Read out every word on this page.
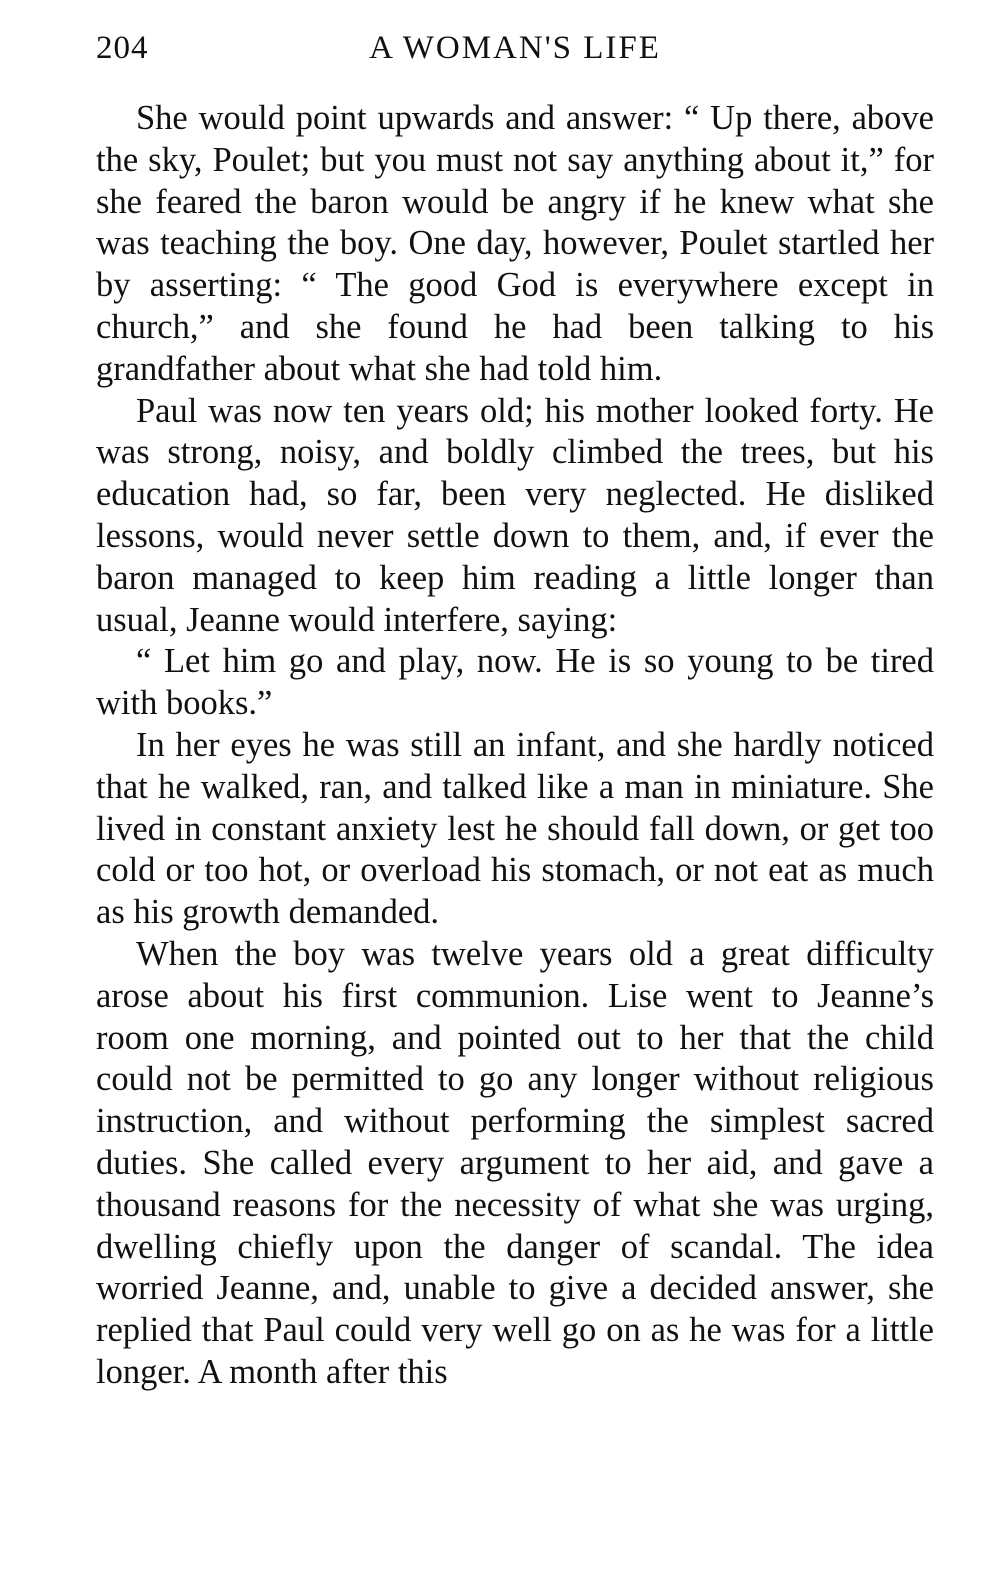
204	A WOMAN'S LIFE

She would point upwards and answer: “ Up there, above the sky, Poulet; but you must not say anything about it,” for she feared the baron would be angry if he knew what she was teaching the boy. One day, however, Poulet startled her by asserting: “ The good God is everywhere except in church,” and she found he had been talking to his grandfather about what she had told him.

Paul was now ten years old; his mother looked forty. He was strong, noisy, and boldly climbed the trees, but his education had, so far, been very neglected. He disliked lessons, would never settle down to them, and, if ever the baron managed to keep him reading a little longer than usual, Jeanne would interfere, saying:

“ Let him go and play, now. He is so young to be tired with books.”

In her eyes he was still an infant, and she hardly noticed that he walked, ran, and talked like a man in miniature. She lived in constant anxiety lest he should fall down, or get too cold or too hot, or overload his stomach, or not eat as much as his growth demanded.

When the boy was twelve years old a great difficulty arose about his first communion. Lise went to Jeanne’s room one morning, and pointed out to her that the child could not be permitted to go any longer without religious instruction, and without performing the simplest sacred duties. She called every argument to her aid, and gave a thousand reasons for the necessity of what she was urging, dwelling chiefly upon the danger of scandal. The idea worried Jeanne, and, unable to give a decided answer, she replied that Paul could very well go on as he was for a little longer. A month after this
